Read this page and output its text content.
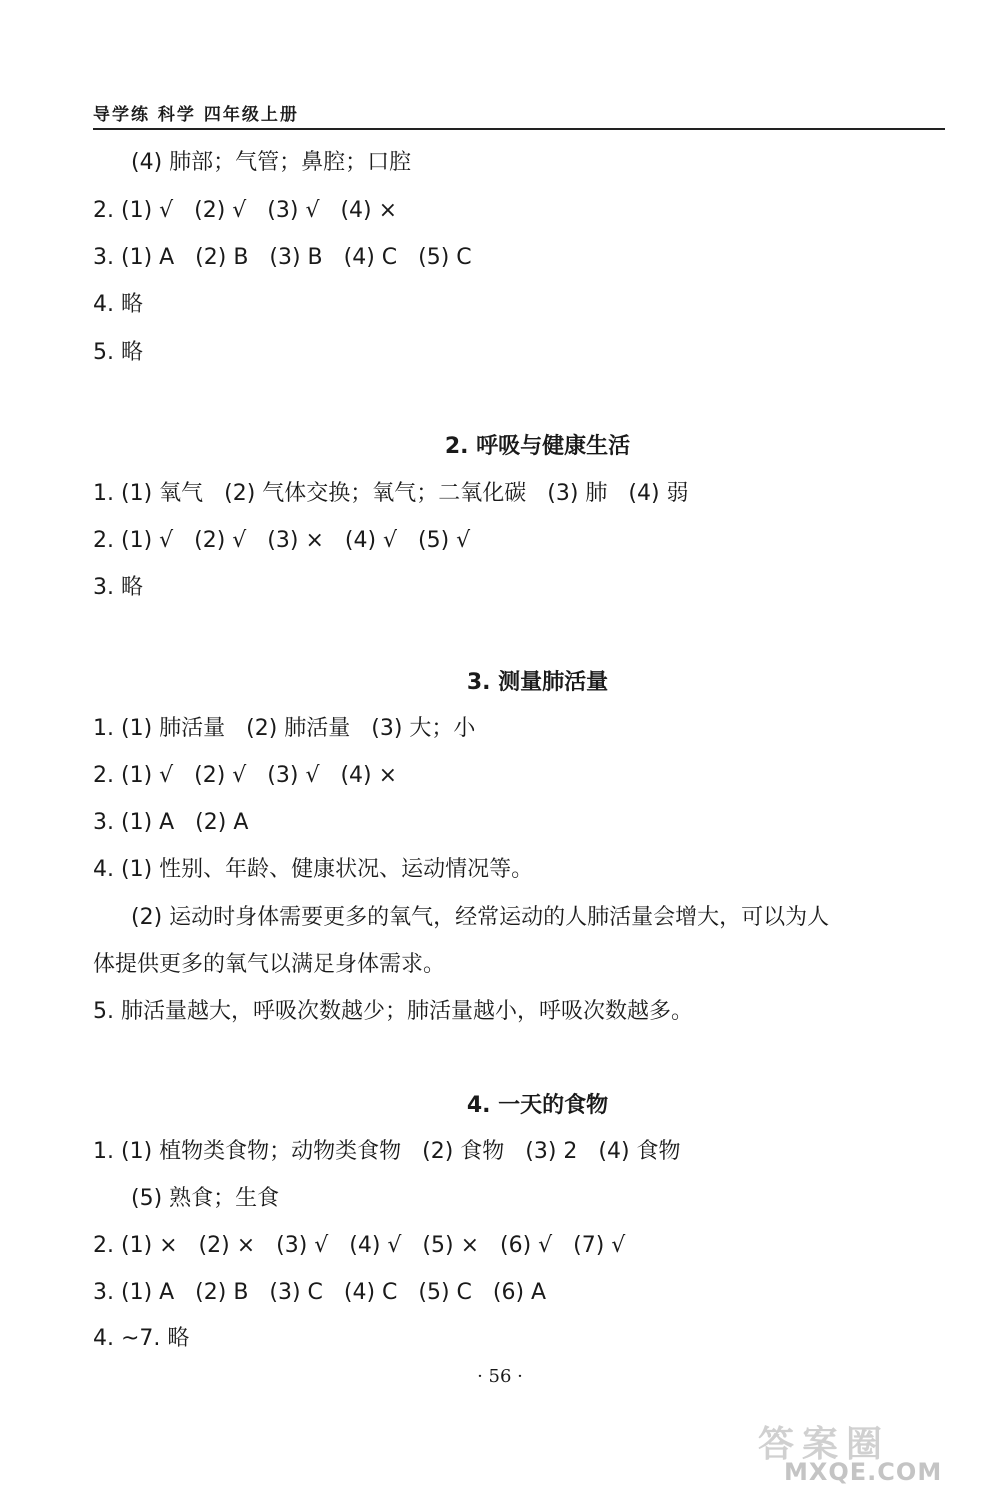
导学练 科学 四年级上册
(4) 肺部；气管；鼻腔；口腔
2. (1) √   (2) √   (3) √   (4) ×
3. (1) A   (2) B   (3) B   (4) C   (5) C
4. 略
5. 略
2. 呼吸与健康生活
1. (1) 氧气   (2) 气体交换；氧气；二氧化碳   (3) 肺   (4) 弱
2. (1) √   (2) √   (3) ×   (4) √   (5) √
3. 略
3. 测量肺活量
1. (1) 肺活量   (2) 肺活量   (3) 大；小
2. (1) √   (2) √   (3) √   (4) ×
3. (1) A   (2) A
4. (1) 性别、年龄、健康状况、运动情况等。
(2) 运动时身体需要更多的氧气，经常运动的人肺活量会增大，可以为人
体提供更多的氧气以满足身体需求。
5. 肺活量越大，呼吸次数越少；肺活量越小，呼吸次数越多。
4. 一天的食物
1. (1) 植物类食物；动物类食物   (2) 食物   (3) 2   (4) 食物
(5) 熟食；生食
2. (1) ×   (2) ×   (3) √   (4) √   (5) ×   (6) √   (7) √
3. (1) A   (2) B   (3) C   (4) C   (5) C   (6) A
4. ~7. 略
· 56 ·
答案圈
MXQE.COM
